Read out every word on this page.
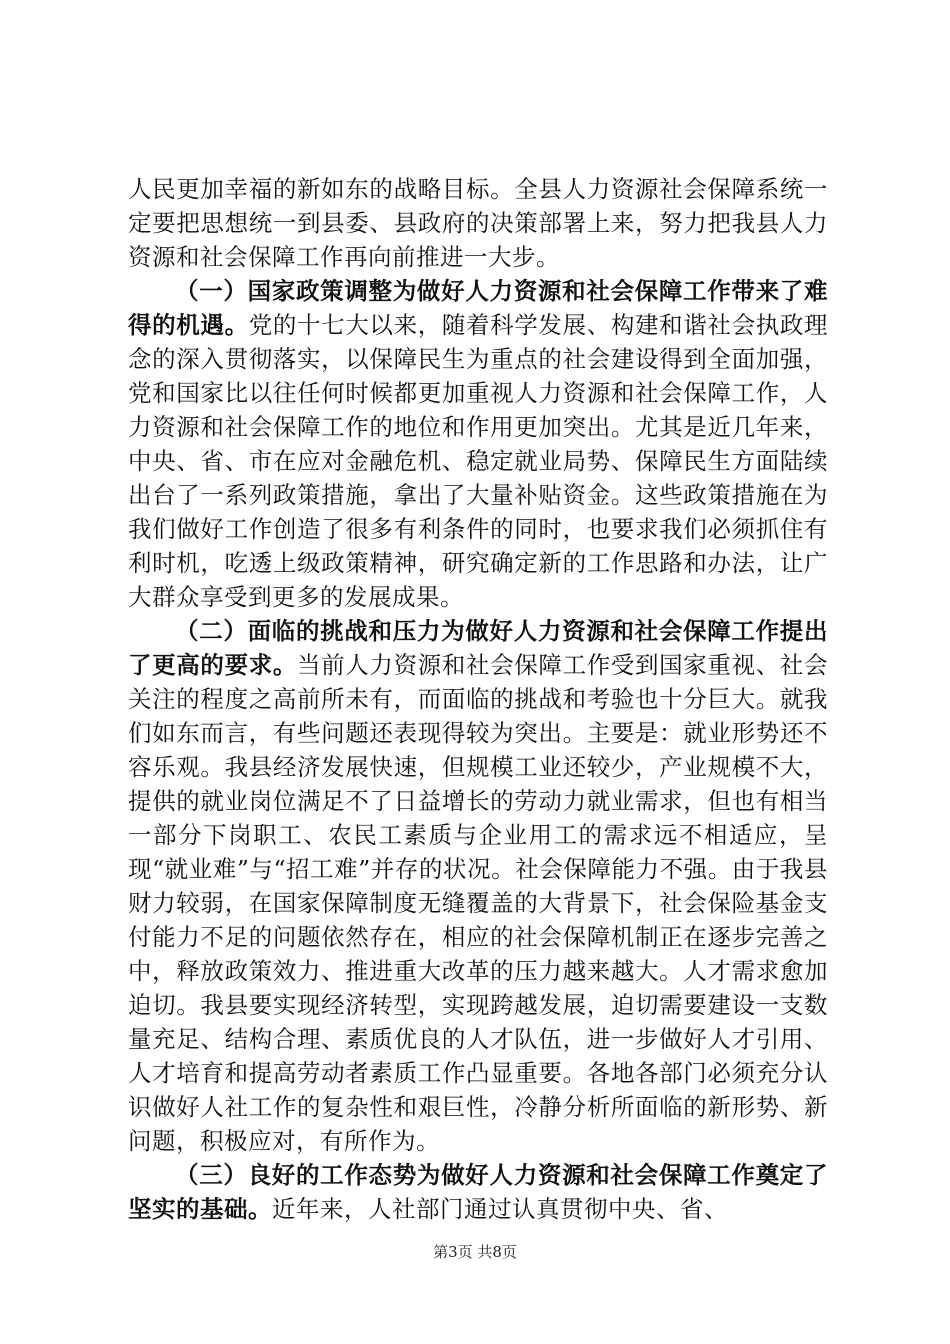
人民更加幸福的新如东的战略目标。全县人力资源社会保障系统一定要把思想统一到县委、县政府的决策部署上来，努力把我县人力资源和社会保障工作再向前推进一大步。

（一）国家政策调整为做好人力资源和社会保障工作带来了难得的机遇。党的十七大以来，随着科学发展、构建和谐社会执政理念的深入贯彻落实，以保障民生为重点的社会建设得到全面加强，党和国家比以往任何时候都更加重视人力资源和社会保障工作，人力资源和社会保障工作的地位和作用更加突出。尤其是近几年来，中央、省、市在应对金融危机、稳定就业局势、保障民生方面陆续出台了一系列政策措施，拿出了大量补贴资金。这些政策措施在为我们做好工作创造了很多有利条件的同时，也要求我们必须抓住有利时机，吃透上级政策精神，研究确定新的工作思路和办法，让广大群众享受到更多的发展成果。

（二）面临的挑战和压力为做好人力资源和社会保障工作提出了更高的要求。当前人力资源和社会保障工作受到国家重视、社会关注的程度之高前所未有，而面临的挑战和考验也十分巨大。就我们如东而言，有些问题还表现得较为突出。主要是：就业形势还不容乐观。我县经济发展快速，但规模工业还较少，产业规模不大，提供的就业岗位满足不了日益增长的劳动力就业需求，但也有相当一部分下岗职工、农民工素质与企业用工的需求远不相适应，呈现“就业难”与“招工难”并存的状况。社会保障能力不强。由于我县财力较弱，在国家保障制度无缝覆盖的大背景下，社会保险基金支付能力不足的问题依然存在，相应的社会保障机制正在逐步完善之中，释放政策效力、推进重大改革的压力越来越大。人才需求愈加迫切。我县要实现经济转型，实现跨越发展，迫切需要建设一支数量充足、结构合理、素质优良的人才队伍，进一步做好人才引用、人才培育和提高劳动者素质工作凸显重要。各地各部门必须充分认识做好人社工作的复杂性和艰巨性，冷静分析所面临的新形势、新问题，积极应对，有所作为。

（三）良好的工作态势为做好人力资源和社会保障工作奠定了坚实的基础。近年来，人社部门通过认真贯彻中央、省、

第3页 共8页
